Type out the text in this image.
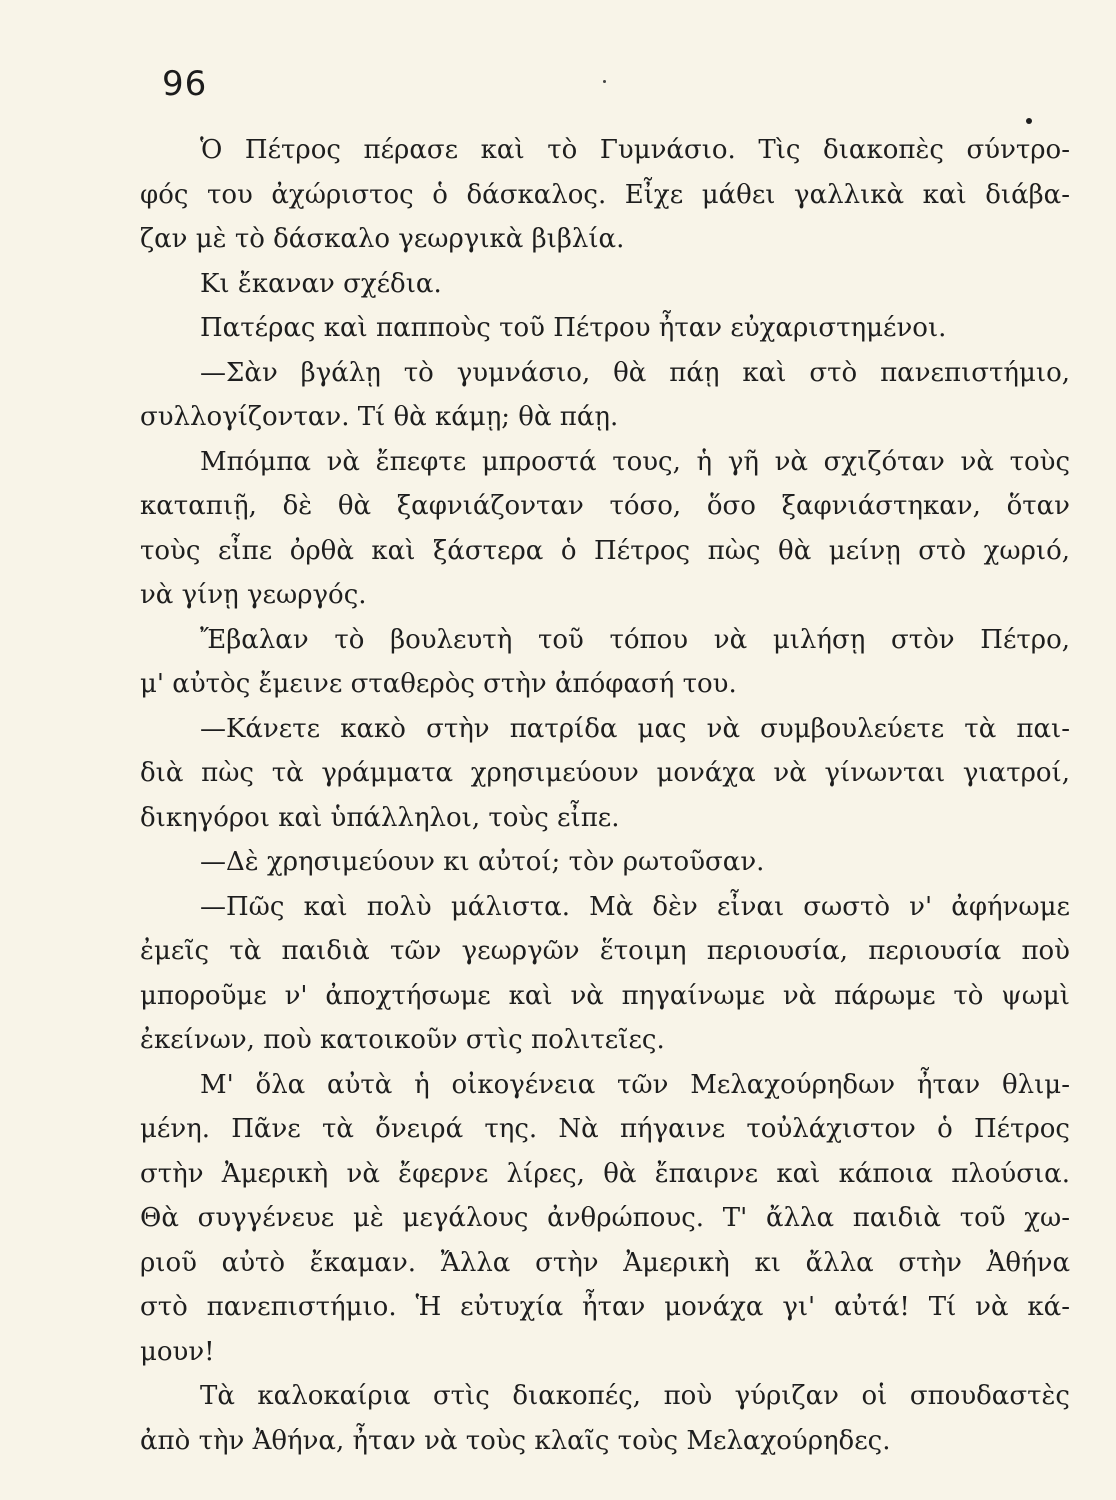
96

Ὁ Πέτρος πέρασε καὶ τὸ Γυμνάσιο. Τὶς διακοπὲς σύντρο-
φός του ἀχώριστος ὁ δάσκαλος. Εἶχε μάθει γαλλικὰ καὶ διάβα-
ζαν μὲ τὸ δάσκαλο γεωργικὰ βιβλία.

Κι ἔκαναν σχέδια.

Πατέρας καὶ παπποὺς τοῦ Πέτρου ἦταν εὐχαριστημένοι.

—Σὰν βγάλῃ τὸ γυμνάσιο, θὰ πάῃ καὶ στὸ πανεπιστήμιο,
συλλογίζονταν. Τί θὰ κάμῃ; θὰ πάῃ.

Μπόμπα νὰ ἔπεφτε μπροστά τους, ἡ γῆ νὰ σχιζόταν νὰ τοὺς
καταπιῇ, δὲ θὰ ξαφνιάζονταν τόσο, ὅσο ξαφνιάστηκαν, ὅταν
τοὺς εἶπε ὀρθὰ καὶ ξάστερα ὁ Πέτρος πὼς θὰ μείνῃ στὸ χωριό,
νὰ γίνῃ γεωργός.

Ἔβαλαν τὸ βουλευτὴ τοῦ τόπου νὰ μιλήσῃ στὸν Πέτρο,
μ' αὐτὸς ἔμεινε σταθερὸς στὴν ἀπόφασή του.

—Κάνετε κακὸ στὴν πατρίδα μας νὰ συμβουλεύετε τὰ παι-
διὰ πὼς τὰ γράμματα χρησιμεύουν μονάχα νὰ γίνωνται γιατροί,
δικηγόροι καὶ ὑπάλληλοι, τοὺς εἶπε.

—Δὲ χρησιμεύουν κι αὐτοί; τὸν ρωτοῦσαν.

—Πῶς καὶ πολὺ μάλιστα. Μὰ δὲν εἶναι σωστὸ ν' ἀφήνωμε
ἐμεῖς τὰ παιδιὰ τῶν γεωργῶν ἕτοιμη περιουσία, περιουσία ποὺ
μποροῦμε ν' ἀποχτήσωμε καὶ νὰ πηγαίνωμε νὰ πάρωμε τὸ ψωμὶ
ἐκείνων, ποὺ κατοικοῦν στὶς πολιτεῖες.

Μ' ὅλα αὐτὰ ἡ οἰκογένεια τῶν Μελαχούρηδων ἦταν θλιμ-
μένη. Πᾶνε τὰ ὄνειρά της. Νὰ πήγαινε τοὐλάχιστον ὁ Πέτρος
στὴν Ἀμερικὴ νὰ ἔφερνε λίρες, θὰ ἔπαιρνε καὶ κάποια πλούσια.
Θὰ συγγένευε μὲ μεγάλους ἀνθρώπους. Τ' ἄλλα παιδιὰ τοῦ χω-
ριοῦ αὐτὸ ἔκαμαν. Ἄλλα στὴν Ἀμερικὴ κι ἄλλα στὴν Ἀθήνα
στὸ πανεπιστήμιο. Ἡ εὐτυχία ἦταν μονάχα γι' αὐτά! Τί νὰ κά-
μουν!

Τὰ καλοκαίρια στὶς διακοπές, ποὺ γύριζαν οἱ σπουδαστὲς
ἀπὸ τὴν Ἀθήνα, ἦταν νὰ τοὺς κλαῖς τοὺς Μελαχούρηδες.
